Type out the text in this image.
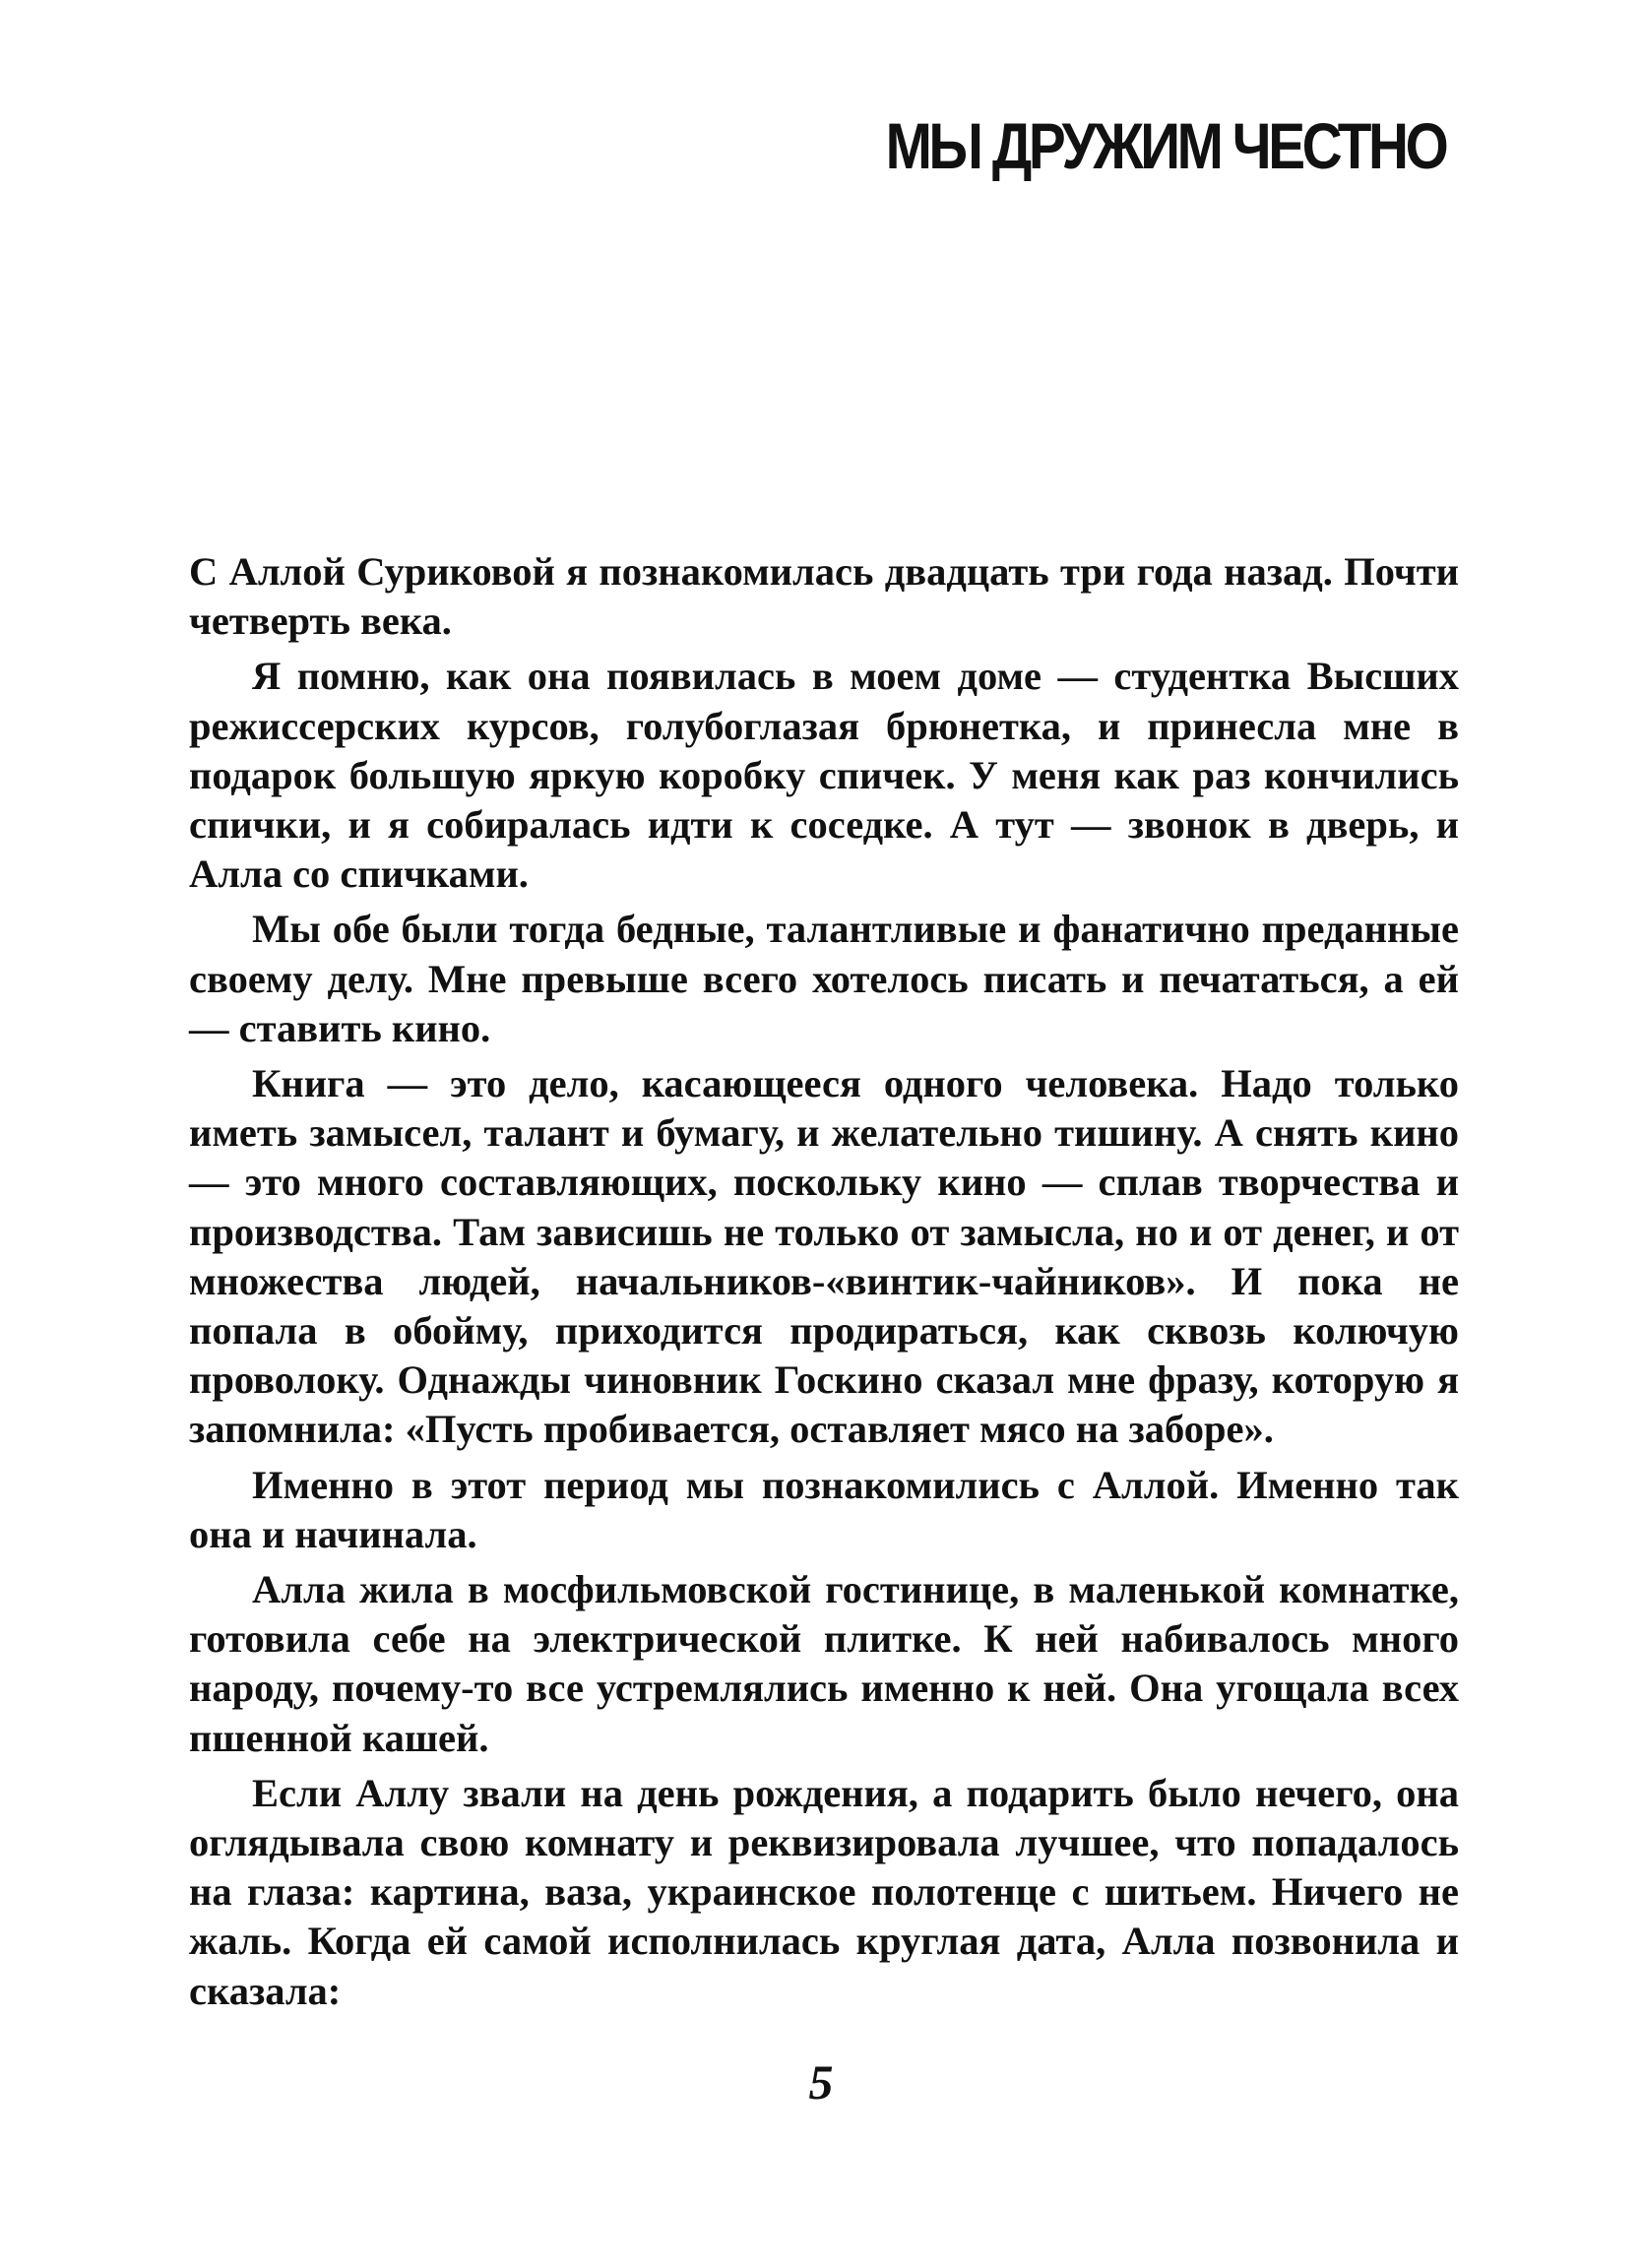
МЫ ДРУЖИМ ЧЕСТНО

С Аллой Суриковой я познакомилась двадцать три года назад. Почти четверть века.

Я помню, как она появилась в моем доме — студентка Высших режиссерских курсов, голубоглазая брюнетка, и принесла мне в подарок большую яркую коробку спичек. У меня как раз кончились спички, и я собиралась идти к соседке. А тут — звонок в дверь, и Алла со спичками.

Мы обе были тогда бедные, талантливые и фанатично преданные своему делу. Мне превыше всего хотелось писать и печататься, а ей — ставить кино.

Книга — это дело, касающееся одного человека. Надо только иметь замысел, талант и бумагу, и желательно тишину. А снять кино — это много составляющих, поскольку кино — сплав творчества и производства. Там зависишь не только от замысла, но и от денег, и от множества людей, начальников-«винтик-чайников». И пока не попала в обойму, приходится продираться, как сквозь колючую проволоку. Однажды чиновник Госкино сказал мне фразу, которую я запомнила: «Пусть пробивается, оставляет мясо на заборе».

Именно в этот период мы познакомились с Аллой. Именно так она и начинала.

Алла жила в мосфильмовской гостинице, в маленькой комнатке, готовила себе на электрической плитке. К ней набивалось много народу, почему-то все устремлялись именно к ней. Она угощала всех пшенной кашей.

Если Аллу звали на день рождения, а подарить было нечего, она оглядывала свою комнату и реквизировала лучшее, что попадалось на глаза: картина, ваза, украинское полотенце с шитьем. Ничего не жаль. Когда ей самой исполнилась круглая дата, Алла позвонила и сказала:

5
